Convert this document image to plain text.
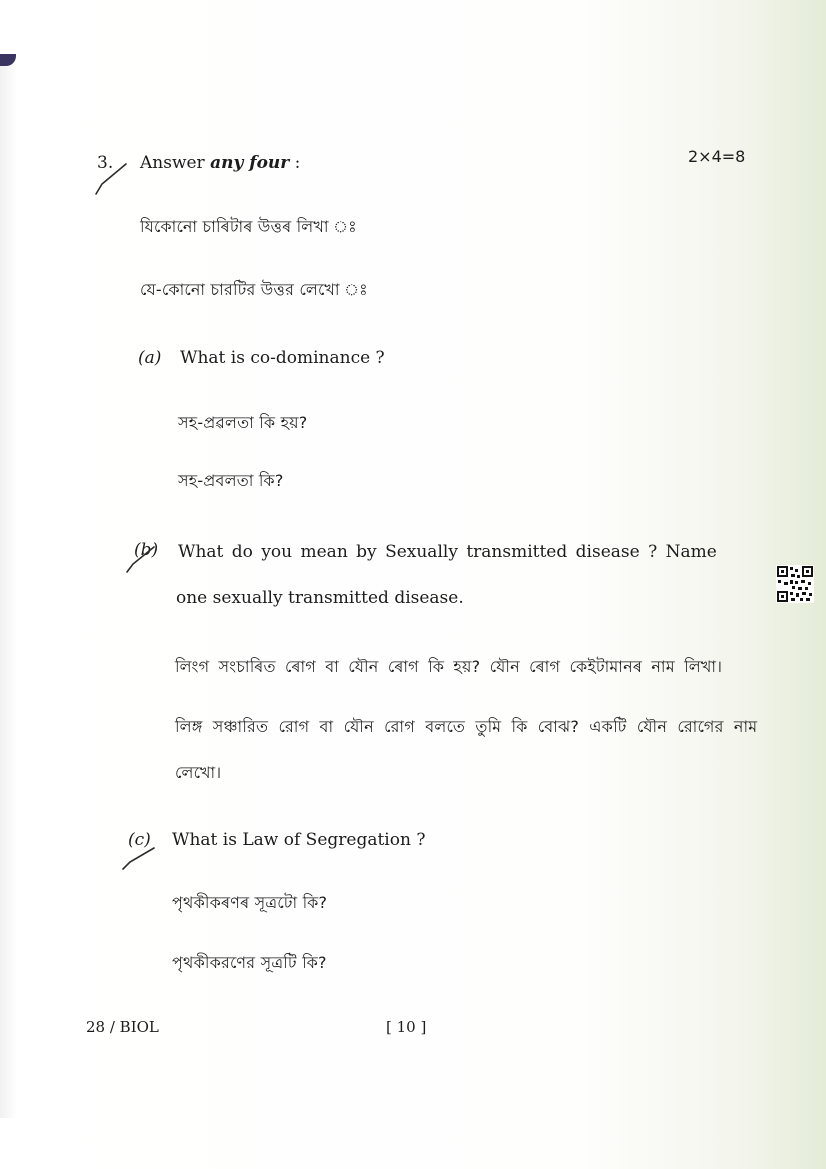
3. Answer any four :	2×4=8
যিকোনো চাৰিটাৰ উত্তৰ লিখা ঃ
যে-কোনো চারটির উত্তর লেখো ঃ
(a) What is co-dominance ?
সহ-প্ৰৱলতা কি হয়?
সহ-প্রবলতা কি?
(b) What do you mean by Sexually transmitted disease ? Name
one sexually transmitted disease.
লিংগ সংচাৰিত ৰোগ বা যৌন ৰোগ কি হয়? যৌন ৰোগ কেইটামানৰ নাম লিখা।
লিঙ্গ সঞ্চারিত রোগ বা যৌন রোগ বলতে তুমি কি বোঝ? একটি যৌন রোগের নাম
লেখো।
(c) What is Law of Segregation ?
পৃথকীকৰণৰ সূত্ৰটো কি?
পৃথকীকরণের সূত্রটি কি?
28 / BIOL	[ 10 ]
